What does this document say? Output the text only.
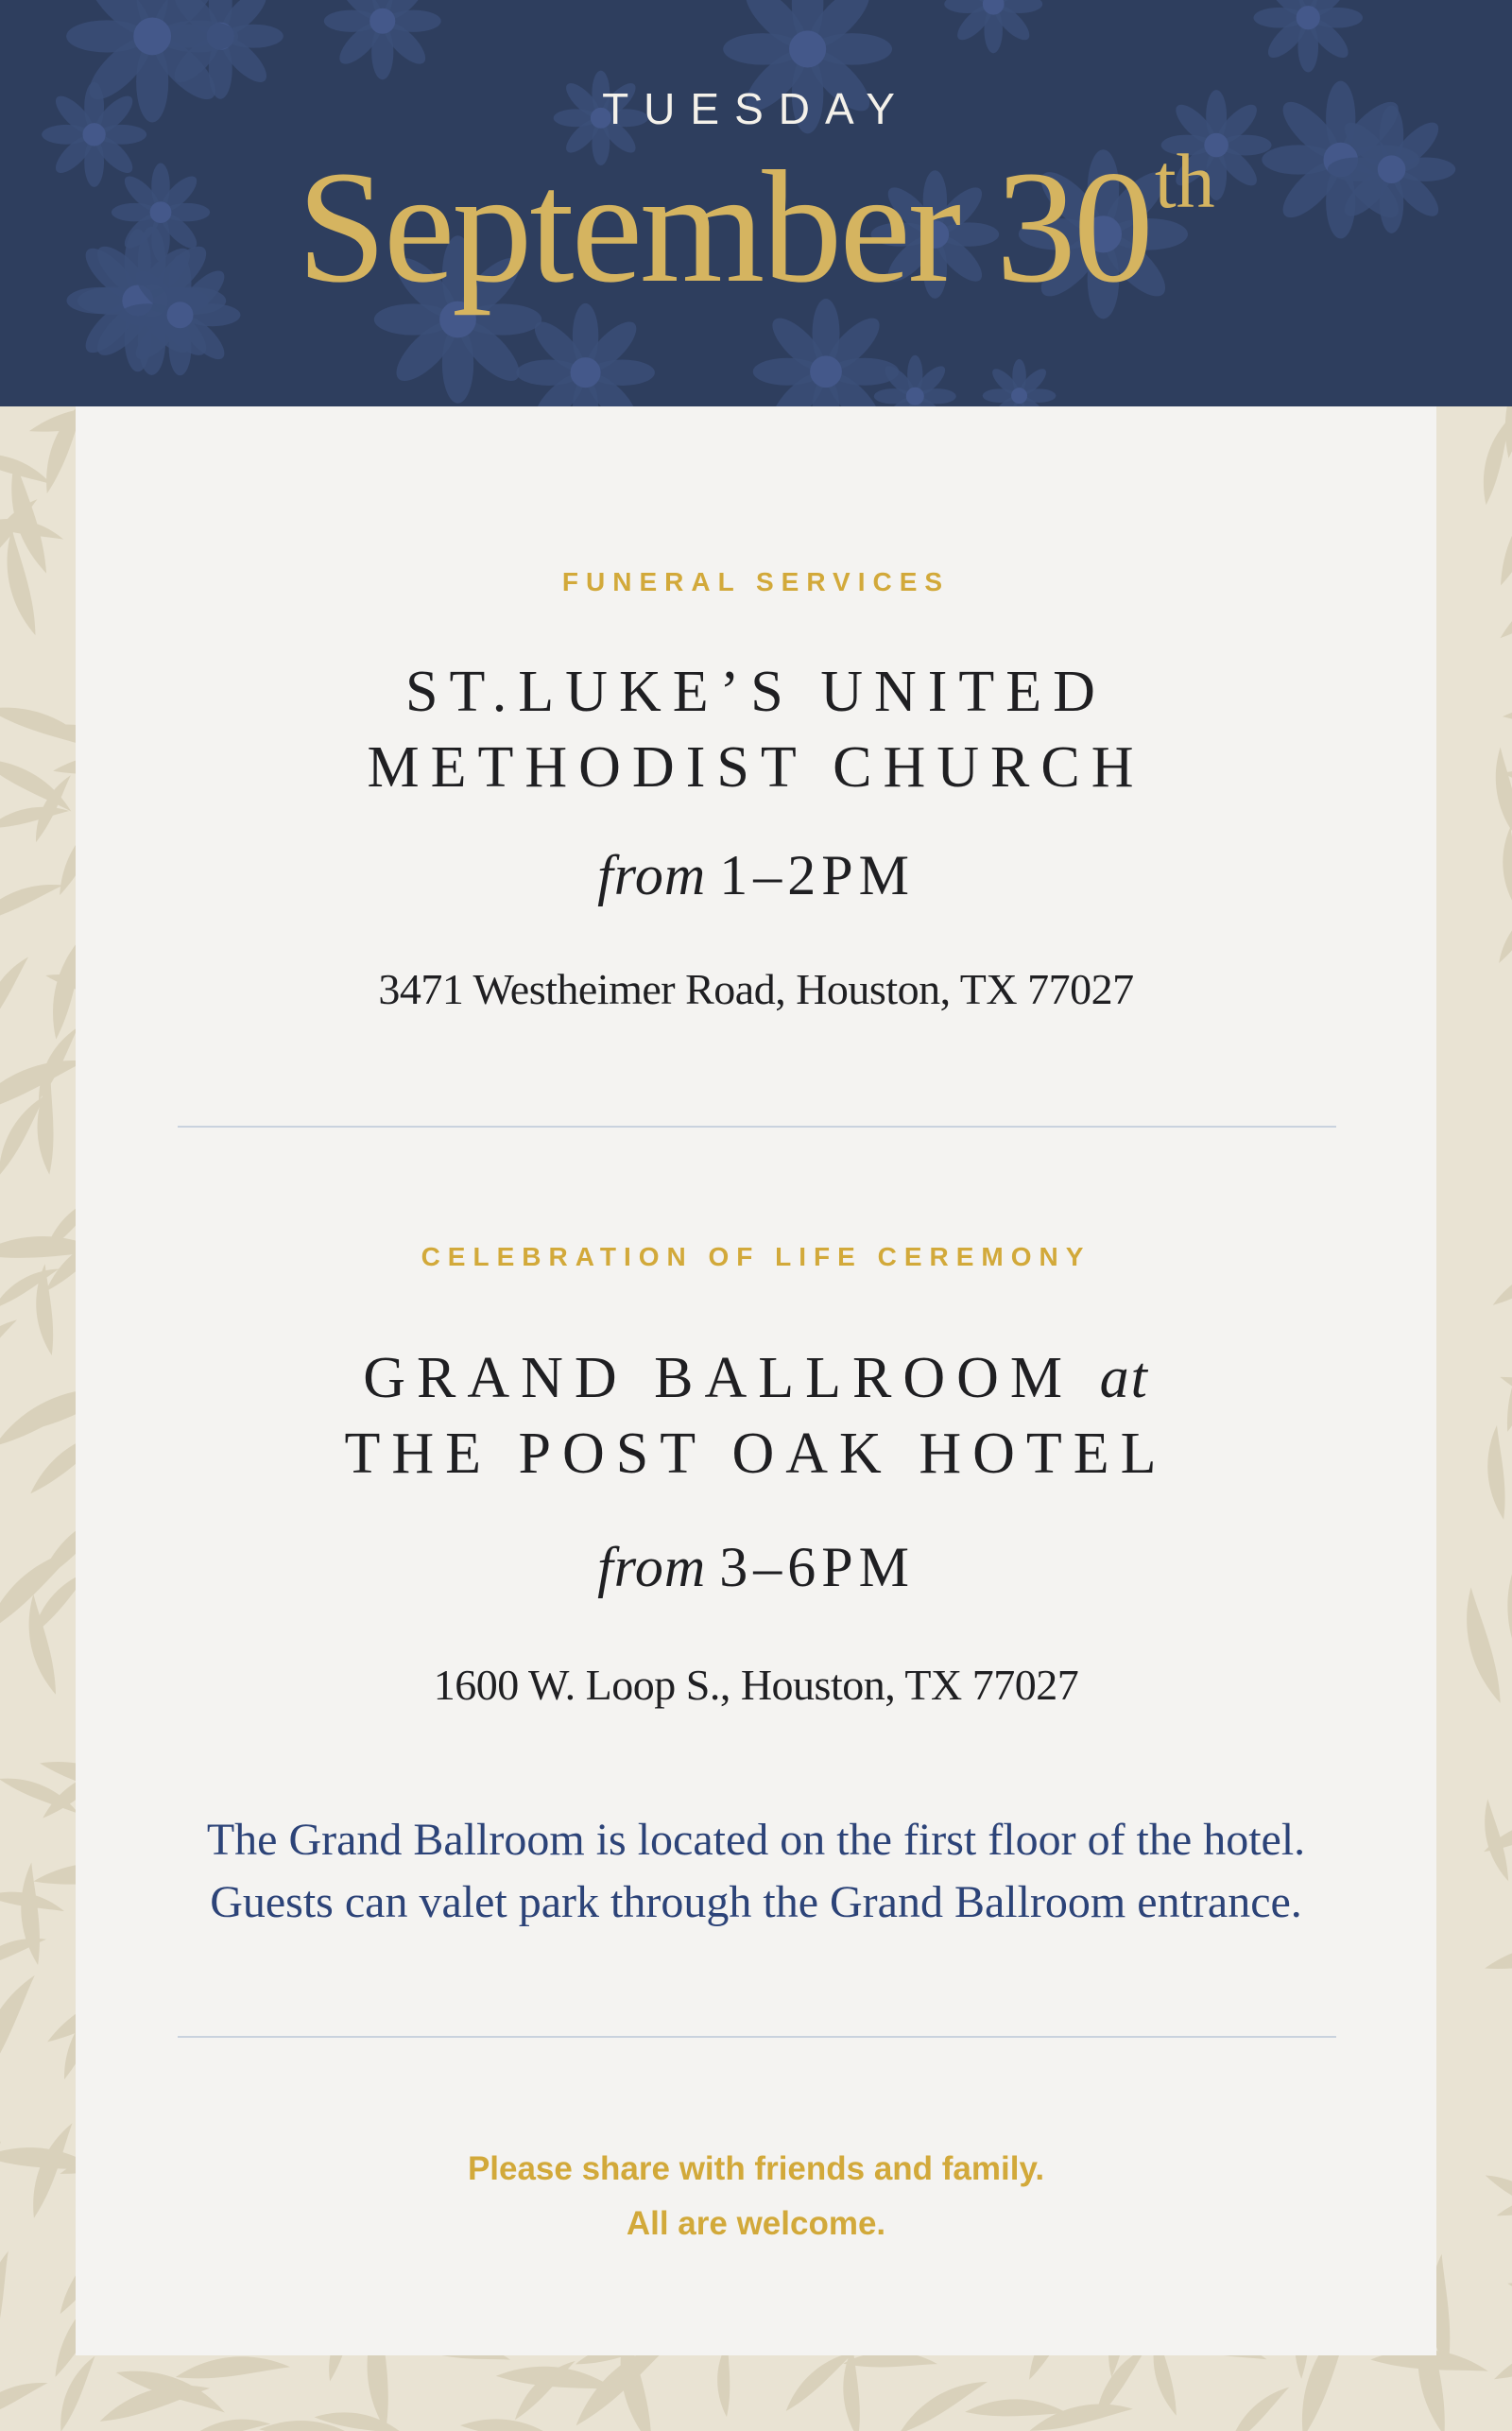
TUESDAY
September 30th
FUNERAL SERVICES
ST.LUKE’S UNITED
METHODIST CHURCH
from 1–2PM
3471 Westheimer Road, Houston, TX 77027
CELEBRATION OF LIFE CEREMONY
GRAND BALLROOM at
THE POST OAK HOTEL
from 3–6PM
1600 W. Loop S., Houston, TX 77027
The Grand Ballroom is located on the first floor of the hotel.
Guests can valet park through the Grand Ballroom entrance.
Please share with friends and family.
All are welcome.
